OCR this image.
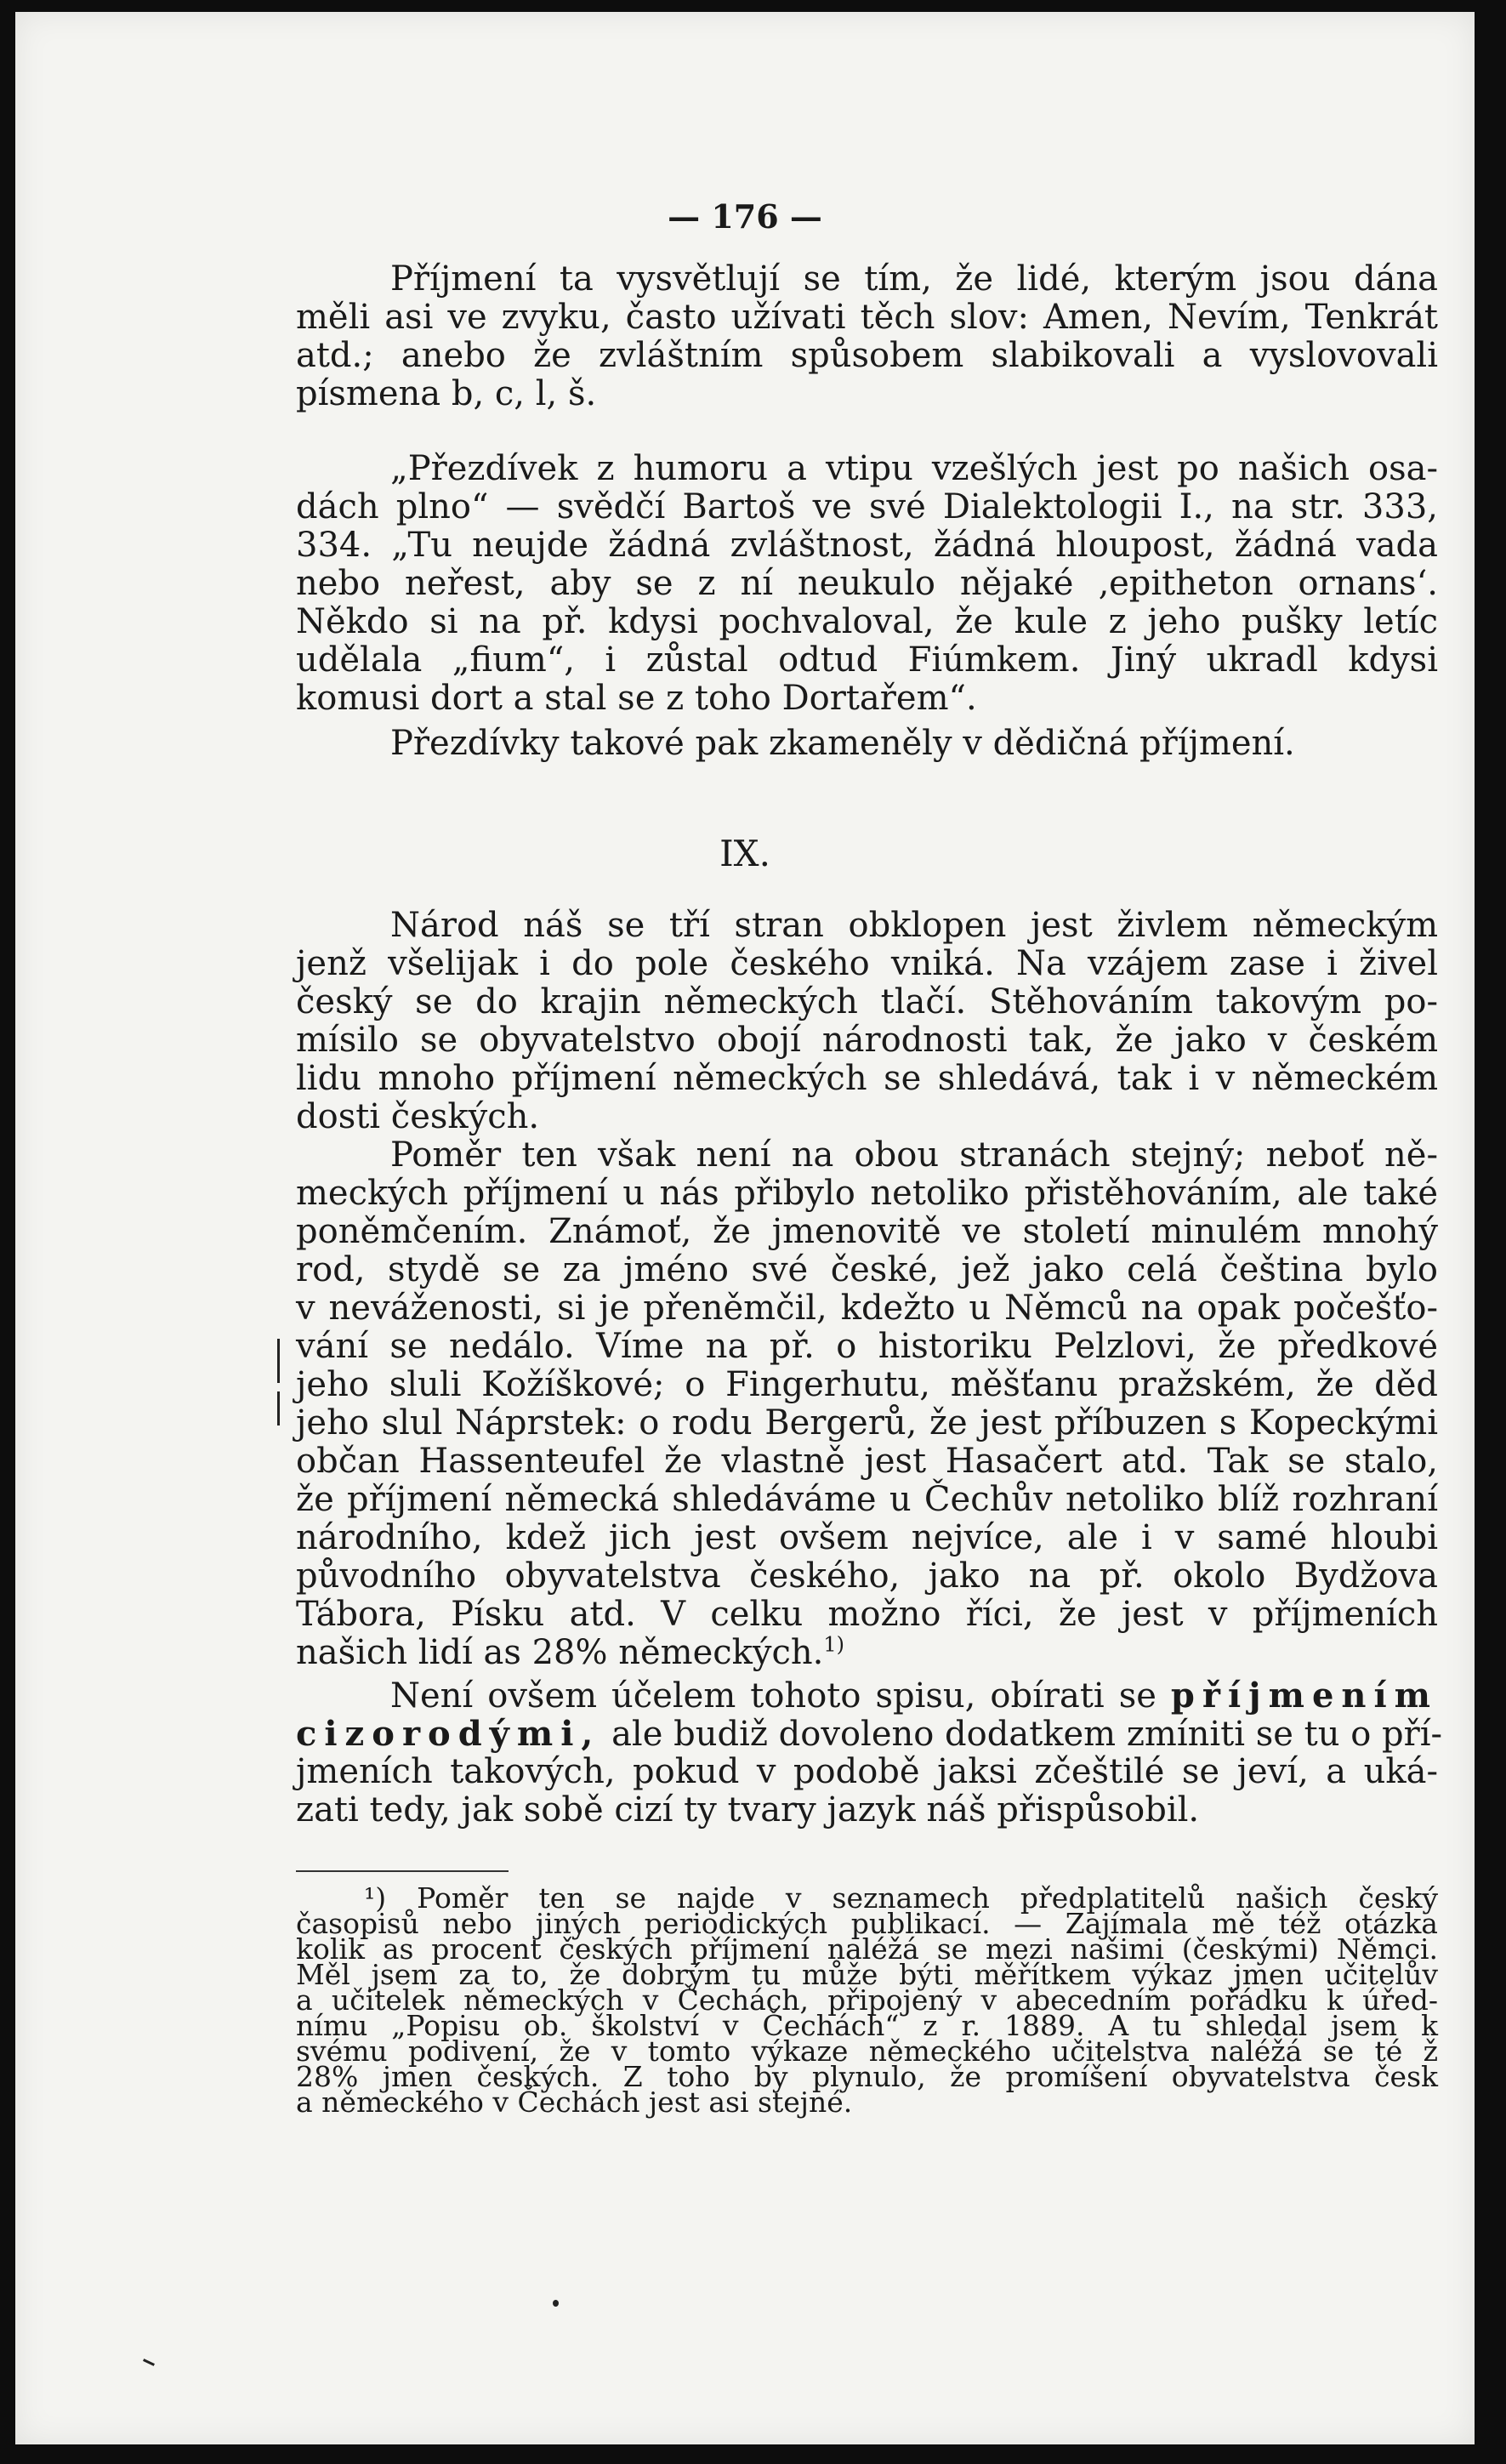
— 176 —
Příjmení ta vysvětlují se tím, že lidé, kterým jsou dána
měli asi ve zvyku, často užívati těch slov: Amen, Nevím, Tenkrát
atd.; anebo že zvláštním spůsobem slabikovali a vyslovovali
písmena b, c, l, š.
„Přezdívek z humoru a vtipu vzešlých jest po našich osa-
dách plno“ — svědčí Bartoš ve své Dialektologii I., na str. 333,
334. „Tu neujde žádná zvláštnost, žádná hloupost, žádná vada
nebo neřest, aby se z ní neukulo nějaké ‚epitheton ornans‘.
Někdo si na př. kdysi pochvaloval, že kule z jeho pušky letíc
udělala „fium“, i zůstal odtud Fiúmkem. Jiný ukradl kdysi
komusi dort a stal se z toho Dortařem“.
Přezdívky takové pak zkameněly v dědičná příjmení.
IX.
Národ náš se tří stran obklopen jest živlem německým
jenž všelijak i do pole českého vniká. Na vzájem zase i živel
český se do krajin německých tlačí. Stěhováním takovým po-
mísilo se obyvatelstvo obojí národnosti tak, že jako v českém
lidu mnoho příjmení německých se shledává, tak i v německém
dosti českých.
Poměr ten však není na obou stranách stejný; neboť ně-
meckých příjmení u nás přibylo netoliko přistěhováním, ale také
poněmčením. Známoť, že jmenovitě ve století minulém mnohý
rod, stydě se za jméno své české, jež jako celá čeština bylo
v neváženosti, si je přeněmčil, kdežto u Němců na opak počešťo-
vání se nedálo. Víme na př. o historiku Pelzlovi, že předkové
jeho sluli Kožíškové; o Fingerhutu, měšťanu pražském, že děd
jeho slul Náprstek: o rodu Bergerů, že jest příbuzen s Kopeckými
občan Hassenteufel že vlastně jest Hasačert atd. Tak se stalo,
že příjmení německá shledáváme u Čechův netoliko blíž rozhraní
národního, kdež jich jest ovšem nejvíce, ale i v samé hloubi
původního obyvatelstva českého, jako na př. okolo Bydžova
Tábora, Písku atd. V celku možno říci, že jest v příjmeních
našich lidí as 28% německých.$^{1)}$
Není ovšem účelem tohoto spisu, obírati se příjmením
cizorodými, ale budiž dovoleno dodatkem zmíniti se tu o pří-
jmeních takových, pokud v podobě jaksi zčeštilé se jeví, a uká-
zati tedy, jak sobě cizí ty tvary jazyk náš přispůsobil.
¹) Poměr ten se najde v seznamech předplatitelů našich český
časopisů nebo jiných periodických publikací. — Zajímala mě též otázka
kolik as procent českých příjmení naléžá se mezi našimi (českými) Němci.
Měl jsem za to, že dobrým tu může býti měřítkem výkaz jmen učitelův
a učitelek německých v Čechách, připojený v abecedním pořádku k úřed-
nímu „Popisu ob. školství v Čechách“ z r. 1889. A tu shledal jsem k
svému podivení, že v tomto výkaze německého učitelstva naléžá se té ž
28% jmen českých. Z toho by plynulo, že promíšení obyvatelstva česk
a německého v Čechách jest asi stejné.
